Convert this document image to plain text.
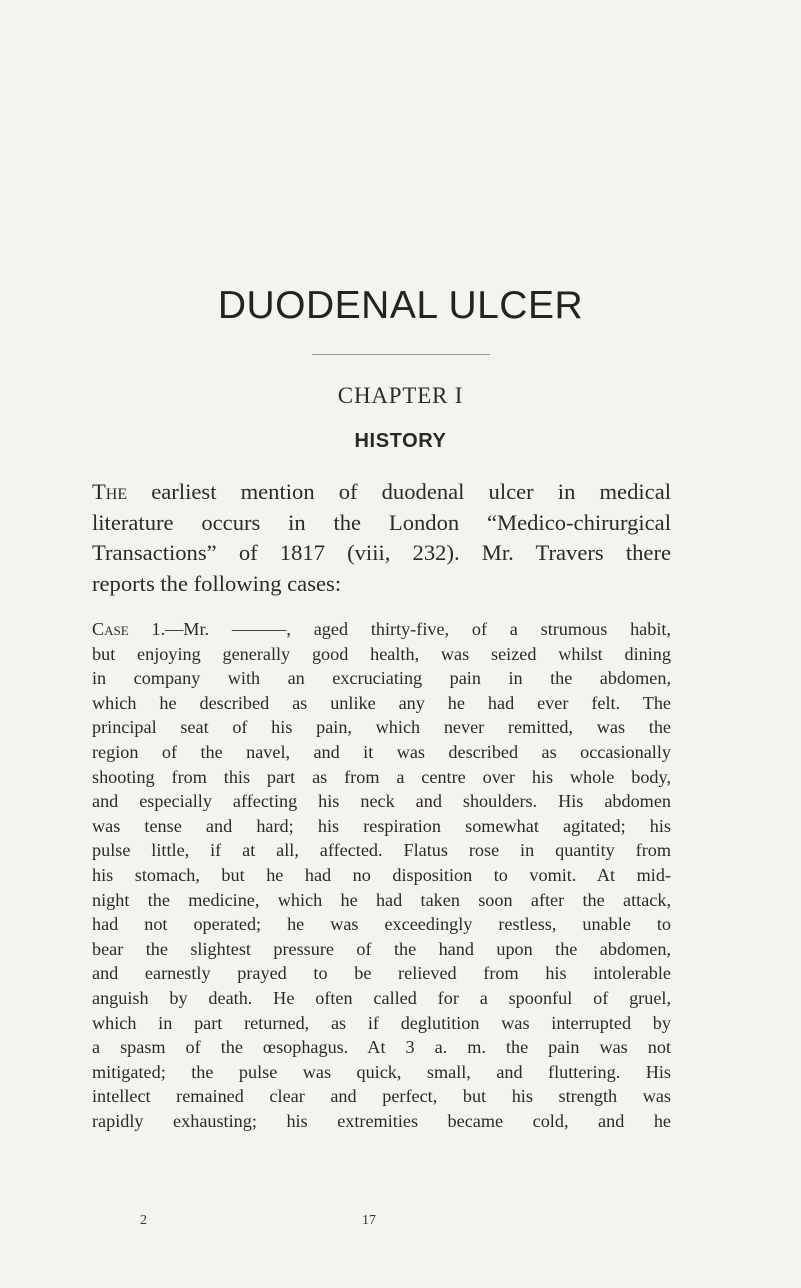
DUODENAL ULCER
CHAPTER I
HISTORY
The earliest mention of duodenal ulcer in medical
literature occurs in the London “Medico-chirurgical
Transactions” of 1817 (viii, 232). Mr. Travers there
reports the following cases:
Case 1.—Mr. ———, aged thirty-five, of a strumous habit,
but enjoying generally good health, was seized whilst dining
in company with an excruciating pain in the abdomen,
which he described as unlike any he had ever felt. The
principal seat of his pain, which never remitted, was the
region of the navel, and it was described as occasionally
shooting from this part as from a centre over his whole body,
and especially affecting his neck and shoulders. His abdomen
was tense and hard; his respiration somewhat agitated; his
pulse little, if at all, affected. Flatus rose in quantity from
his stomach, but he had no disposition to vomit. At mid-
night the medicine, which he had taken soon after the attack,
had not operated; he was exceedingly restless, unable to
bear the slightest pressure of the hand upon the abdomen,
and earnestly prayed to be relieved from his intolerable
anguish by death. He often called for a spoonful of gruel,
which in part returned, as if deglutition was interrupted by
a spasm of the œsophagus. At 3 a. m. the pain was not
mitigated; the pulse was quick, small, and fluttering. His
intellect remained clear and perfect, but his strength was
rapidly exhausting; his extremities became cold, and he
2	17
